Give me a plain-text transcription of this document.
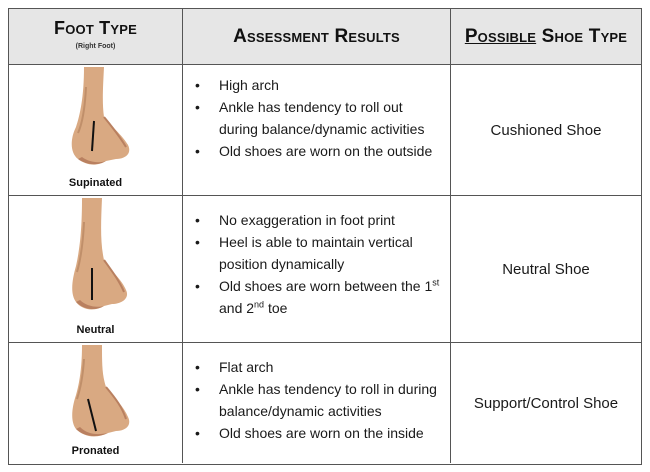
Foot Type
(Right Foot)	Assessment Results	Possible Shoe Type
Supinated
• High arch
• Ankle has tendency to roll out during balance/dynamic activities
• Old shoes are worn on the outside
Cushioned Shoe
Neutral
• No exaggeration in foot print
• Heel is able to maintain vertical position dynamically
• Old shoes are worn between the 1st and 2nd toe
Neutral Shoe
Pronated
• Flat arch
• Ankle has tendency to roll in during balance/dynamic activities
• Old shoes are worn on the inside
Support/Control Shoe
